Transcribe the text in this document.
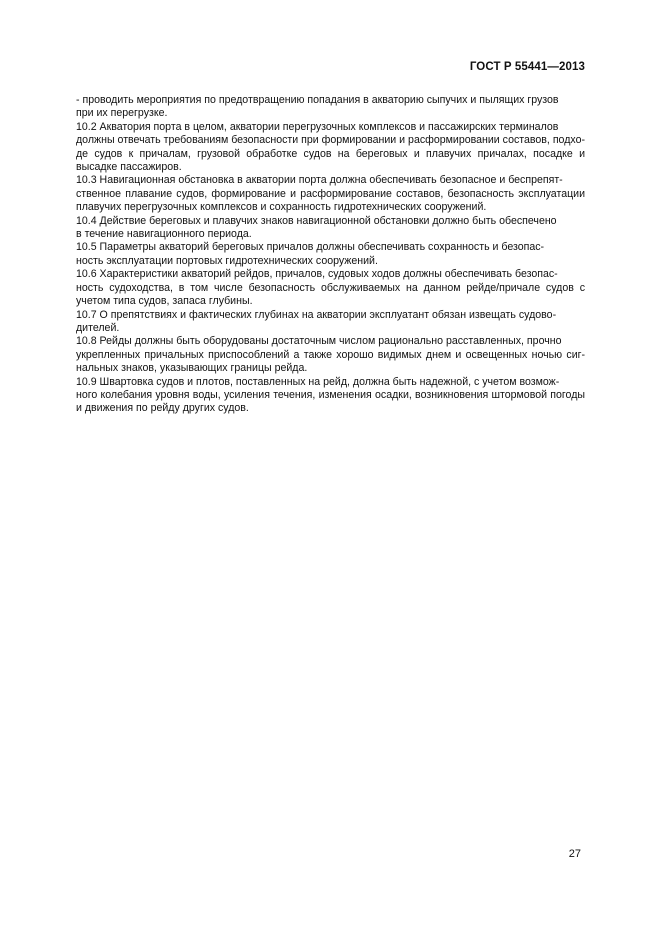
ГОСТ Р 55441—2013

- проводить мероприятия по предотвращению попадания в акваторию сыпучих и пылящих грузов
при их перегрузке.

10.2 Акватория порта в целом, акватории перегрузочных комплексов и пассажирских терминалов
должны отвечать требованиям безопасности при формировании и расформировании составов, подхо-де судов к причалам, грузовой обработке судов на береговых и плавучих причалах, посадке и высадке пассажиров.

10.3 Навигационная обстановка в акватории порта должна обеспечивать безопасное и беспрепят-
ственное плавание судов, формирование и расформирование составов, безопасность эксплуатации плавучих перегрузочных комплексов и сохранность гидротехнических сооружений.

10.4 Действие береговых и плавучих знаков навигационной обстановки должно быть обеспечено
в течение навигационного периода.

10.5 Параметры акваторий береговых причалов должны обеспечивать сохранность и безопас-
ность эксплуатации портовых гидротехнических сооружений.

10.6 Характеристики акваторий рейдов, причалов, судовых ходов должны обеспечивать безопас-
ность судоходства, в том числе безопасность обслуживаемых на данном рейде/причале судов с учетом типа судов, запаса глубины.

10.7 О препятствиях и фактических глубинах на акватории эксплуатант обязан извещать судово-
дителей.

10.8 Рейды должны быть оборудованы достаточным числом рационально расставленных, прочно
укрепленных причальных приспособлений а также хорошо видимых днем и освещенных ночью сиг-нальных знаков, указывающих границы рейда.

10.9 Швартовка судов и плотов, поставленных на рейд, должна быть надежной, с учетом возмож-
ного колебания уровня воды, усиления течения, изменения осадки, возникновения штормовой погоды и движения по рейду других судов.

27
